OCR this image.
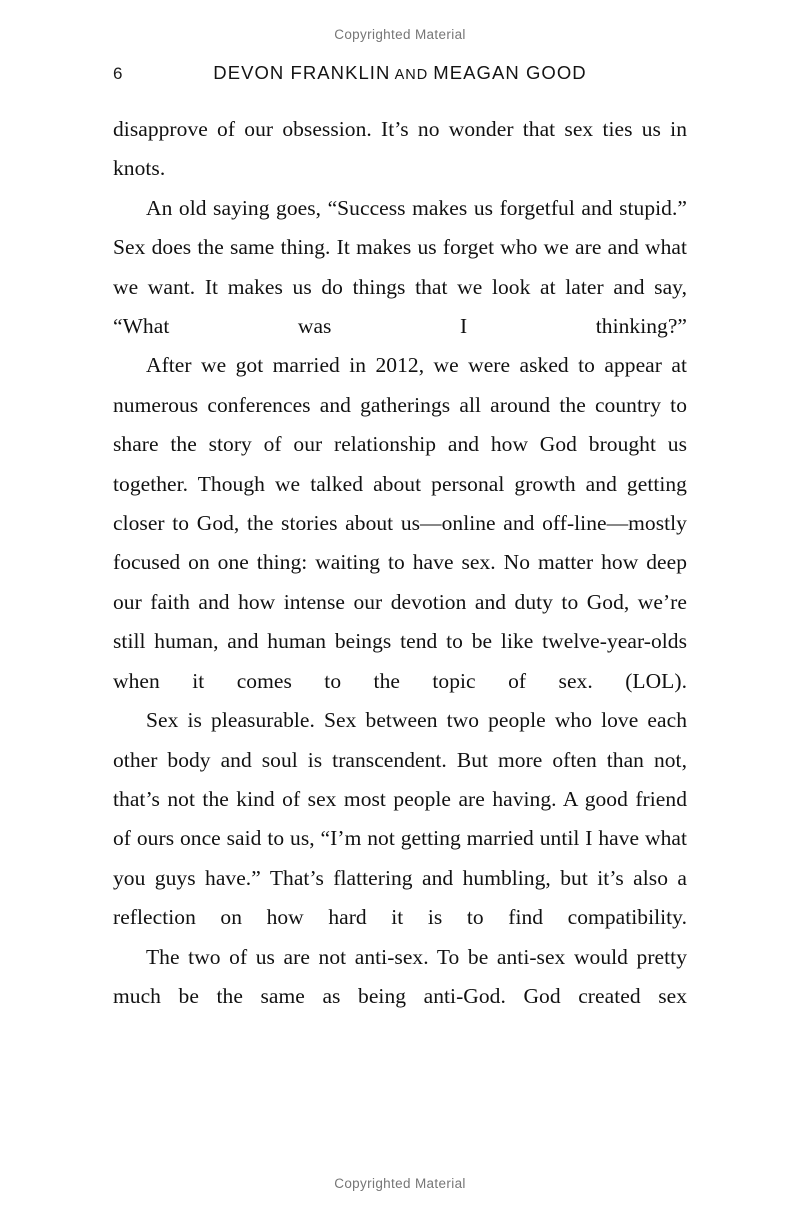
Copyrighted Material
6	DEVON FRANKLIN AND MEAGAN GOOD

disapprove of our obsession. It’s no wonder that sex ties us in knots.

An old saying goes, “Success makes us forgetful and stupid.” Sex does the same thing. It makes us forget who we are and what we want. It makes us do things that we look at later and say, “What was I thinking?”

After we got married in 2012, we were asked to appear at numerous conferences and gatherings all around the country to share the story of our relationship and how God brought us together. Though we talked about personal growth and getting closer to God, the stories about us—online and off-line—mostly focused on one thing: waiting to have sex. No matter how deep our faith and how intense our devotion and duty to God, we’re still human, and human beings tend to be like twelve-year-olds when it comes to the topic of sex. (LOL).

Sex is pleasurable. Sex between two people who love each other body and soul is transcendent. But more often than not, that’s not the kind of sex most people are having. A good friend of ours once said to us, “I’m not getting married until I have what you guys have.” That’s flattering and humbling, but it’s also a reflection on how hard it is to find compatibility.

The two of us are not anti-sex. To be anti-sex would pretty much be the same as being anti-God. God created sex

Copyrighted Material
